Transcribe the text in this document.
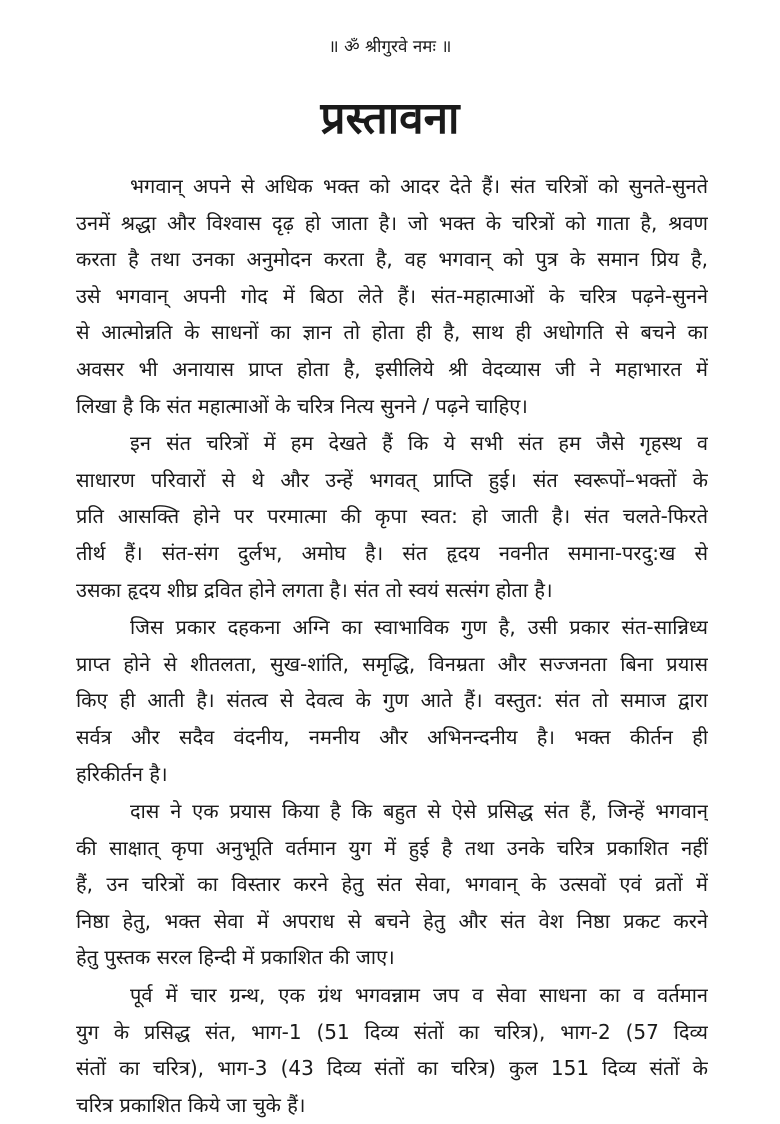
॥ ॐ श्रीगुरवे नमः ॥
प्रस्तावना
भगवान् अपने से अधिक भक्त को आदर देते हैं। संत चरित्रों को सुनते-सुनते
उनमें श्रद्धा और विश्वास दृढ़ हो जाता है। जो भक्त के चरित्रों को गाता है, श्रवण
करता है तथा उनका अनुमोदन करता है, वह भगवान् को पुत्र के समान प्रिय है,
उसे भगवान् अपनी गोद में बिठा लेते हैं। संत-महात्माओं के चरित्र पढ़ने-सुनने
से आत्मोन्नति के साधनों का ज्ञान तो होता ही है, साथ ही अधोगति से बचने का
अवसर भी अनायास प्राप्त होता है, इसीलिये श्री वेदव्यास जी ने महाभारत में
लिखा है कि संत महात्माओं के चरित्र नित्य सुनने / पढ़ने चाहिए।
इन संत चरित्रों में हम देखते हैं कि ये सभी संत हम जैसे गृहस्थ व
साधारण परिवारों से थे और उन्हें भगवत् प्राप्ति हुई। संत स्वरूपों–भक्तों के
प्रति आसक्ति होने पर परमात्मा की कृपा स्वत: हो जाती है। संत चलते-फिरते
तीर्थ हैं। संत-संग दुर्लभ, अमोघ है। संत हृदय नवनीत समाना-परदु:ख से
उसका हृदय शीघ्र द्रवित होने लगता है। संत तो स्वयं सत्संग होता है।
जिस प्रकार दहकना अग्नि का स्वाभाविक गुण है, उसी प्रकार संत-सान्निध्य
प्राप्त होने से शीतलता, सुख-शांति, समृद्धि, विनम्रता और सज्जनता बिना प्रयास
किए ही आती है। संतत्व से देवत्व के गुण आते हैं। वस्तुत: संत तो समाज द्वारा
सर्वत्र और सदैव वंदनीय, नमनीय और अभिनन्दनीय है। भक्त कीर्तन ही
हरिकीर्तन है।
दास ने एक प्रयास किया है कि बहुत से ऐसे प्रसिद्ध संत हैं, जिन्हें भगवान्
की साक्षात् कृपा अनुभूति वर्तमान युग में हुई है तथा उनके चरित्र प्रकाशित नहीं
हैं, उन चरित्रों का विस्तार करने हेतु संत सेवा, भगवान् के उत्सवों एवं व्रतों में
निष्ठा हेतु, भक्त सेवा में अपराध से बचने हेतु और संत वेश निष्ठा प्रकट करने
हेतु पुस्तक सरल हिन्दी में प्रकाशित की जाए।
पूर्व में चार ग्रन्थ, एक ग्रंथ भगवन्नाम जप व सेवा साधना का व वर्तमान
युग के प्रसिद्ध संत, भाग-1 (51 दिव्य संतों का चरित्र), भाग-2 (57 दिव्य
संतों का चरित्र), भाग-3 (43 दिव्य संतों का चरित्र) कुल 151 दिव्य संतों के
चरित्र प्रकाशित किये जा चुके हैं।
